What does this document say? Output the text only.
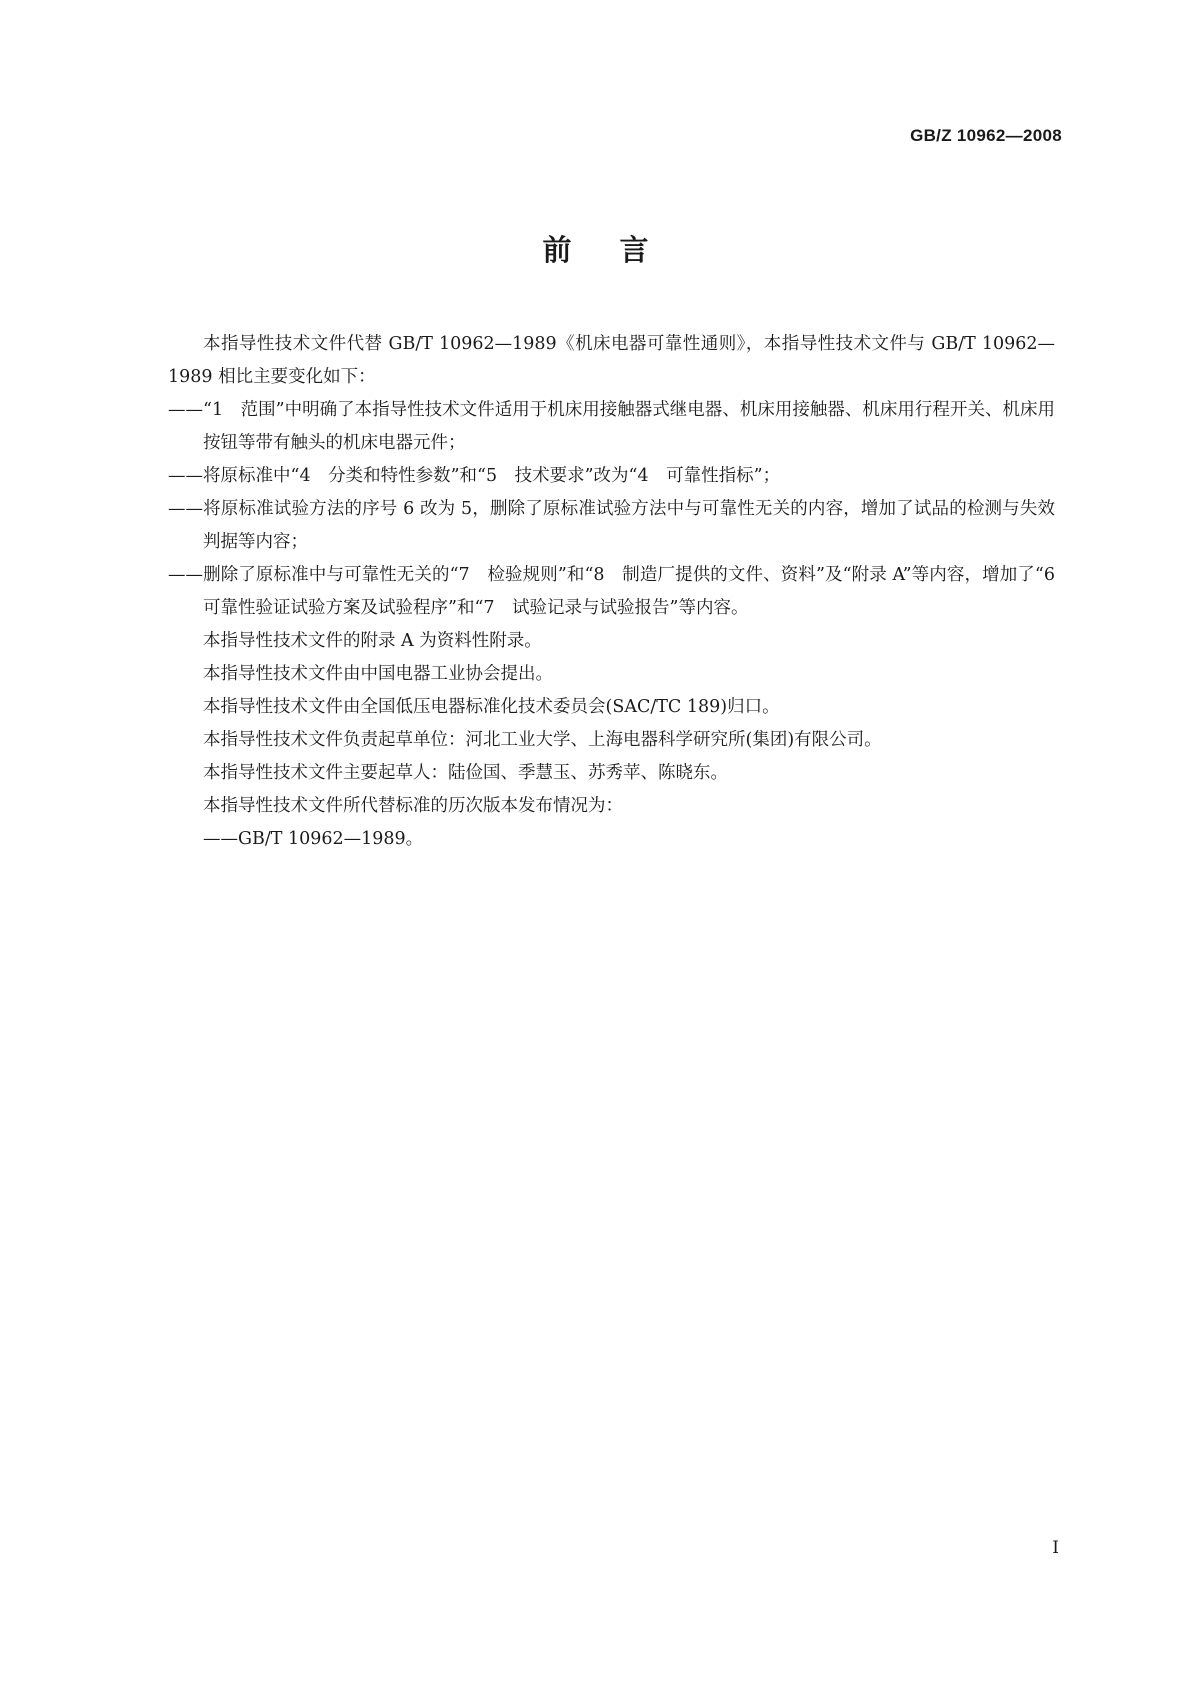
GB/Z 10962—2008
前言

本指导性技术文件代替 GB/T 10962—1989《机床电器可靠性通则》，本指导性技术文件与 GB/T 10962—1989 相比主要变化如下：

——“1　范围”中明确了本指导性技术文件适用于机床用接触器式继电器、机床用接触器、机床用行程开关、机床用按钮等带有触头的机床电器元件；

——将原标准中“4　分类和特性参数”和“5　技术要求”改为“4　可靠性指标”；

——将原标准试验方法的序号 6 改为 5，删除了原标准试验方法中与可靠性无关的内容，增加了试品的检测与失效判据等内容；

——删除了原标准中与可靠性无关的“7　检验规则”和“8　制造厂提供的文件、资料”及“附录 A”等内容，增加了“6　可靠性验证试验方案及试验程序”和“7　试验记录与试验报告”等内容。

本指导性技术文件的附录 A 为资料性附录。

本指导性技术文件由中国电器工业协会提出。

本指导性技术文件由全国低压电器标准化技术委员会(SAC/TC 189)归口。

本指导性技术文件负责起草单位：河北工业大学、上海电器科学研究所(集团)有限公司。

本指导性技术文件主要起草人：陆俭国、季慧玉、苏秀苹、陈晓东。

本指导性技术文件所代替标准的历次版本发布情况为：

——GB/T 10962—1989。

I
